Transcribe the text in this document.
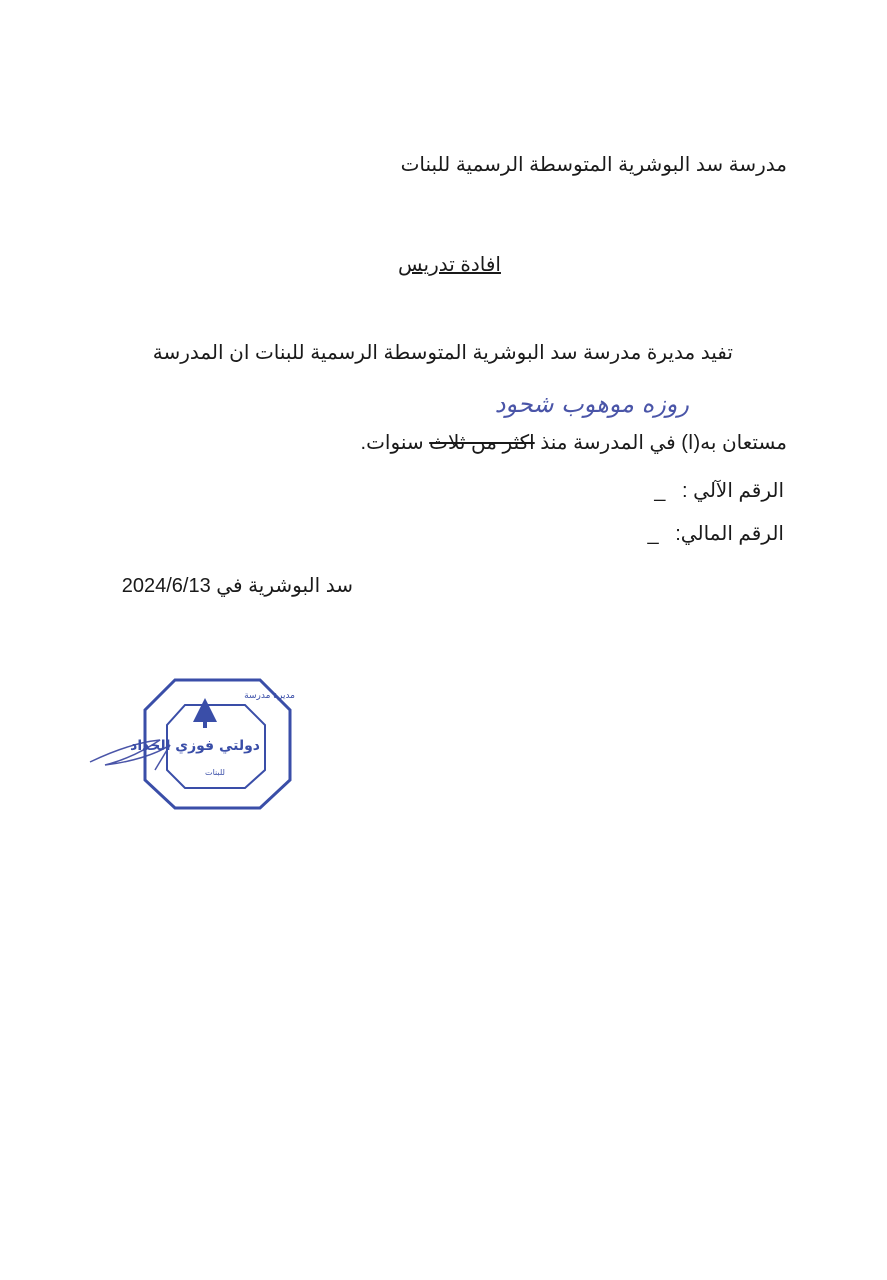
مدرسة سد البوشرية المتوسطة الرسمية للبنات
افادة تدريس
تفيد مديرة مدرسة سد البوشرية المتوسطة الرسمية للبنات ان المدرسة
روزه موهوب شحود
مستعان به(ا) في المدرسة منذ اكثر من ثلاث سنوات.
الرقم الآلي :   _
الرقم المالي:   _
سد البوشرية في 2024/6/13
مديرة مدرسة
دولتي فوزي الحداد
للبنات
